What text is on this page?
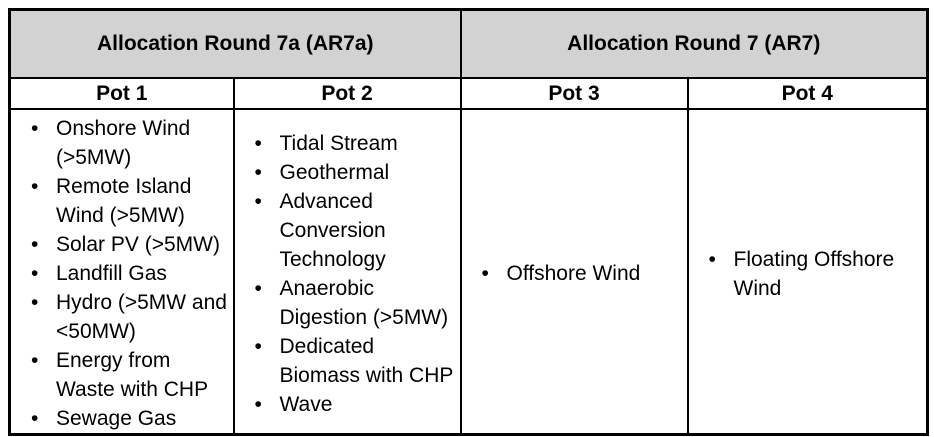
Allocation Round 7a (AR7a)		Allocation Round 7 (AR7)	
Pot 1	Pot 2	Pot 3	Pot 4

• Onshore Wind (>5MW)
• Remote Island Wind (>5MW)
• Solar PV (>5MW)
• Landfill Gas
• Hydro (>5MW and <50MW)
• Energy from Waste with CHP
• Sewage Gas

• Tidal Stream
• Geothermal
• Advanced Conversion Technology
• Anaerobic Digestion (>5MW)
• Dedicated Biomass with CHP
• Wave

• Offshore Wind

• Floating Offshore Wind
